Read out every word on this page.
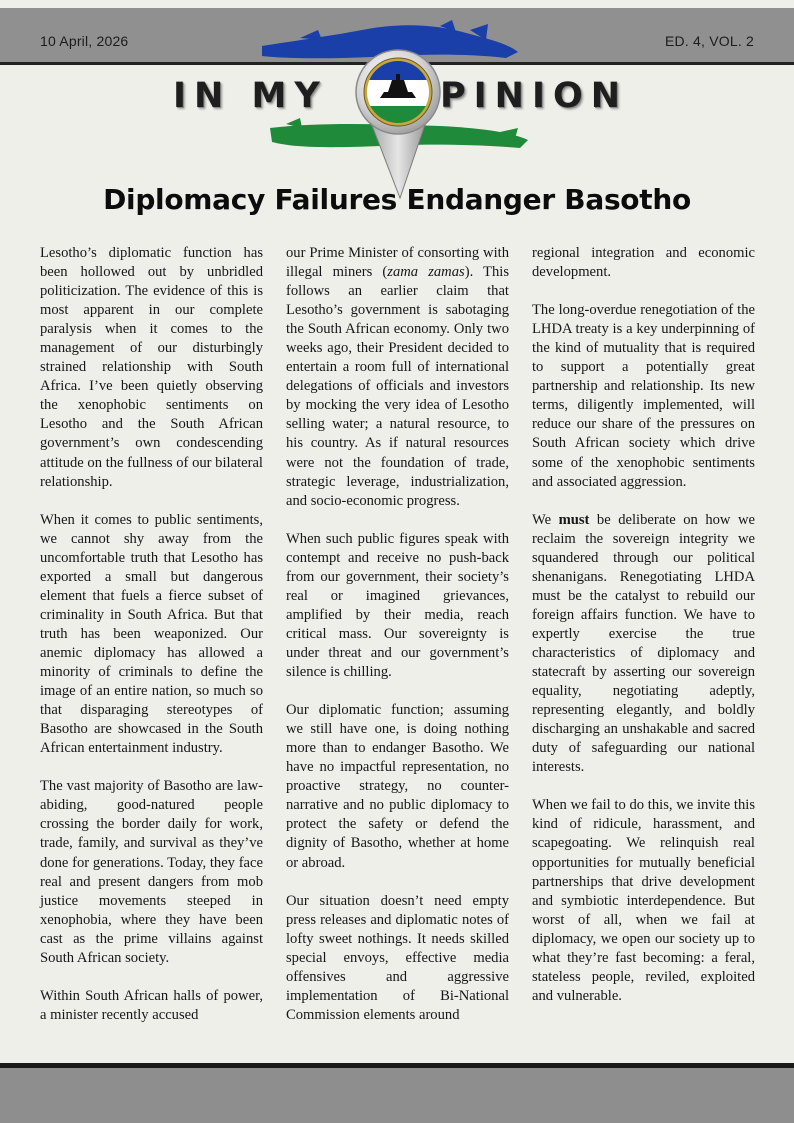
10 April, 2026	ED. 4, VOL. 2
IN MY	PINION
Diplomacy Failures Endanger Basotho

Lesotho’s diplomatic function has been hollowed out by unbridled politicization. The evidence of this is most apparent in our complete paralysis when it comes to the management of our disturbingly strained relationship with South Africa. I’ve been quietly observing the xenophobic sentiments on Lesotho and the South African government’s own condescending attitude on the fullness of our bilateral relationship.

When it comes to public sentiments, we cannot shy away from the uncomfortable truth that Lesotho has exported a small but dangerous element that fuels a fierce subset of criminality in South Africa. But that truth has been weaponized. Our anemic diplomacy has allowed a minority of criminals to define the image of an entire nation, so much so that disparaging stereotypes of Basotho are showcased in the South African entertainment industry.

The vast majority of Basotho are law-abiding, good-natured people crossing the border daily for work, trade, family, and survival as they’ve done for generations. Today, they face real and present dangers from mob justice movements steeped in xenophobia, where they have been cast as the prime villains against South African society.

Within South African halls of power, a minister recently accused

our Prime Minister of consorting with illegal miners (zama zamas). This follows an earlier claim that Lesotho’s government is sabotaging the South African economy. Only two weeks ago, their President decided to entertain a room full of international delegations of officials and investors by mocking the very idea of Lesotho selling water; a natural resource, to his country. As if natural resources were not the foundation of trade, strategic leverage, industrialization, and socio-economic progress.

When such public figures speak with contempt and receive no push-back from our government, their society’s real or imagined grievances, amplified by their media, reach critical mass. Our sovereignty is under threat and our government’s silence is chilling.

Our diplomatic function; assuming we still have one, is doing nothing more than to endanger Basotho. We have no impactful representation, no proactive strategy, no counter-narrative and no public diplomacy to protect the safety or defend the dignity of Basotho, whether at home or abroad.

Our situation doesn’t need empty press releases and diplomatic notes of lofty sweet nothings. It needs skilled special envoys, effective media offensives and aggressive implementation of Bi-National Commission elements around

regional integration and economic development.

The long-overdue renegotiation of the LHDA treaty is a key underpinning of the kind of mutuality that is required to support a potentially great partnership and relationship. Its new terms, diligently implemented, will reduce our share of the pressures on South African society which drive some of the xenophobic sentiments and associated aggression.

We must be deliberate on how we reclaim the sovereign integrity we squandered through our political shenanigans. Renegotiating LHDA must be the catalyst to rebuild our foreign affairs function. We have to expertly exercise the true characteristics of diplomacy and statecraft by asserting our sovereign equality, negotiating adeptly, representing elegantly, and boldly discharging an unshakable and sacred duty of safeguarding our national interests.

When we fail to do this, we invite this kind of ridicule, harassment, and scapegoating. We relinquish real opportunities for mutually beneficial partnerships that drive development and symbiotic interdependence. But worst of all, when we fail at diplomacy, we open our society up to what they’re fast becoming: a feral, stateless people, reviled, exploited and vulnerable.
